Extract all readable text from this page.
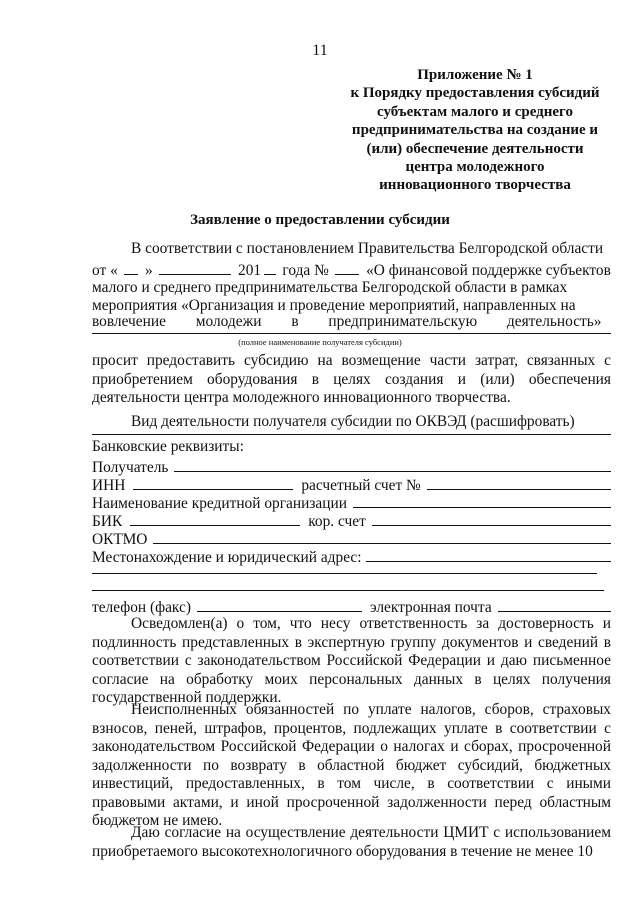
11
Приложение № 1
к Порядку предоставления субсидий
субъектам малого и среднего
предпринимательства на создание и
(или) обеспечение деятельности
центра молодежного
инновационного творчества
Заявление о предоставлении субсидии
В соответствии с постановлением Правительства Белгородской области
от « »	201 года № «О финансовой поддержке субъектов
малого и среднего предпринимательства Белгородской области в рамках
мероприятия «Организация и проведение мероприятий, направленных на
вовлечение молодежи в предпринимательскую деятельность»
(полное наименование получателя субсидии)
просит предоставить субсидию на возмещение части затрат, связанных с приобретением оборудования в целях создания и (или) обеспечения деятельности центра молодежного инновационного творчества.
Вид деятельности получателя субсидии по ОКВЭД (расшифровать)
Банковские реквизиты:
Получатель
ИНН	расчетный счет №
Наименование кредитной организации
БИК	кор. счет
ОКТМО
Местонахождение и юридический адрес:
телефон (факс)	электронная почта
Осведомлен(а) о том, что несу ответственность за достоверность и подлинность представленных в экспертную группу документов и сведений в соответствии с законодательством Российской Федерации и даю письменное согласие на обработку моих персональных данных в целях получения государственной поддержки.
Неисполненных обязанностей по уплате налогов, сборов, страховых взносов, пеней, штрафов, процентов, подлежащих уплате в соответствии с законодательством Российской Федерации о налогах и сборах, просроченной задолженности по возврату в областной бюджет субсидий, бюджетных инвестиций, предоставленных, в том числе, в соответствии с иными правовыми актами, и иной просроченной задолженности перед областным бюджетом не имею.
Даю согласие на осуществление деятельности ЦМИТ с использованием приобретаемого высокотехнологичного оборудования в течение не менее 10
